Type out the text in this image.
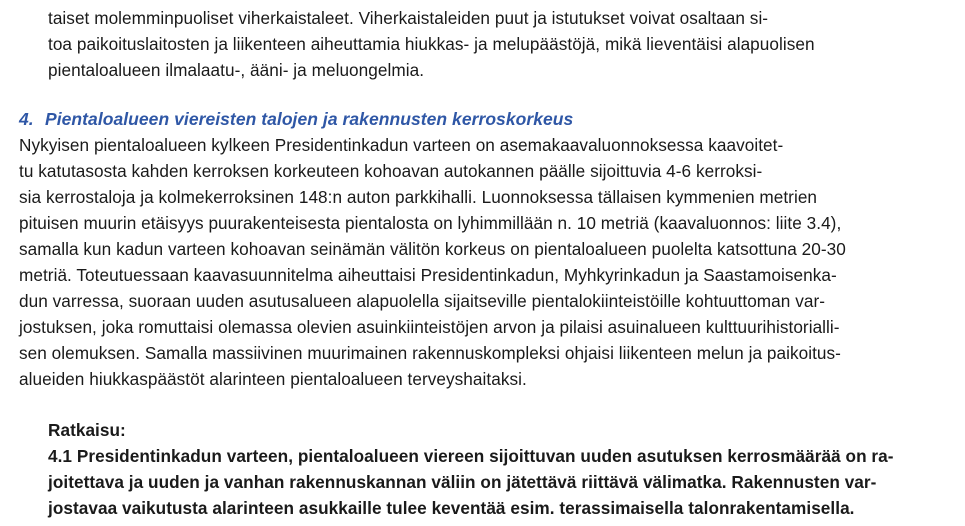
taiset molemminpuoliset viherkaistaleet. Viherkaistaleiden puut ja istutukset voivat osaltaan si-
toa paikoituslaitosten ja liikenteen aiheuttamia hiukkas- ja melupäästöjä, mikä lieventäisi alapuolisen
pientaloalueen ilmalaatu-, ääni- ja meluongelmia.
4. Pientaloalueen viereisten talojen ja rakennusten kerroskorkeus
Nykyisen pientaloalueen kylkeen Presidentinkadun varteen on asemakaavaluonnoksessa kaavoitet-
tu katutasosta kahden kerroksen korkeuteen kohoavan autokannen päälle sijoittuvia 4-6 kerroksi-
sia kerrostaloja ja kolmekerroksinen 148:n auton parkkihalli. Luonnoksessa tällaisen kymmenien metrien
pituisen muurin etäisyys puurakenteisesta pientalosta on lyhimmillään n. 10 metriä (kaavaluonnos: liite 3.4),
samalla kun kadun varteen kohoavan seinämän välitön korkeus on pientaloalueen puolelta katsottuna 20-30
metriä. Toteutuessaan kaavasuunnitelma aiheuttaisi Presidentinkadun, Myhkyrinkadun ja Saastamoisenka-
dun varressa, suoraan uuden asutusalueen alapuolella sijaitseville pientalokiinteistöille kohtuuttoman var-
jostuksen, joka romuttaisi olemassa olevien asuinkiinteistöjen arvon ja pilaisi asuinalueen kulttuurihistorialli-
sen olemuksen. Samalla massiivinen muurimainen rakennuskompleksi ohjaisi liikenteen melun ja paikoitus-
alueiden hiukkaspäästöt alarinteen pientaloalueen terveyshaitaksi.
Ratkaisu:
4.1 Presidentinkadun varteen, pientaloalueen viereen sijoittuvan uuden asutuksen kerrosmäärää on ra-
joitettava ja uuden ja vanhan rakennuskannan väliin on jätettävä riittävä välimatka. Rakennusten var-
jostavaa vaikutusta alarinteen asukkaille tulee keventää esim. terassimaisella talonrakentamisella.
